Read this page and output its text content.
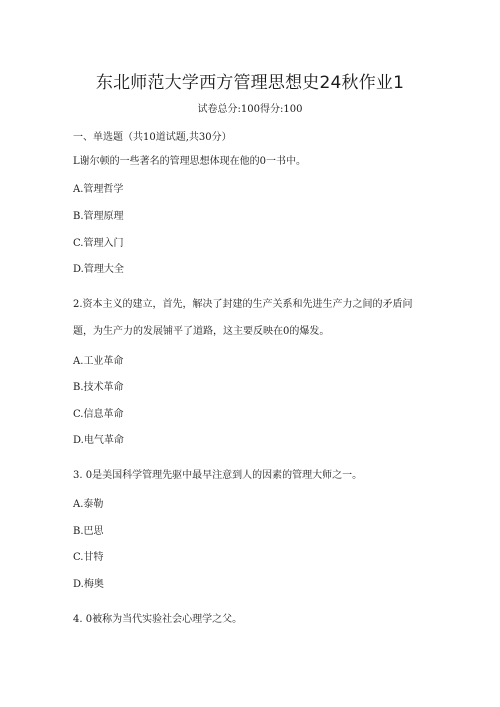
东北师范大学西方管理思想史24秋作业1
试卷总分:100得分:100
一、单选题（共10道试题,共30分）
L谢尔顿的一些著名的管理思想体现在他的0一书中。
A.管理哲学
B.管理原理
C.管理入门
D.管理大全
2.资本主义的建立，首先，解决了封建的生产关系和先进生产力之间的矛盾问
题，为生产力的发展铺平了道路，这主要反映在0的爆发。
A.工业革命
B.技术革命
C.信息革命
D.电气革命
3. 0是美国科学管理先驱中最早注意到人的因素的管理大师之一。
A.泰勒
B.巴思
C.甘特
D.梅奥
4. 0被称为当代实验社会心理学之父。
